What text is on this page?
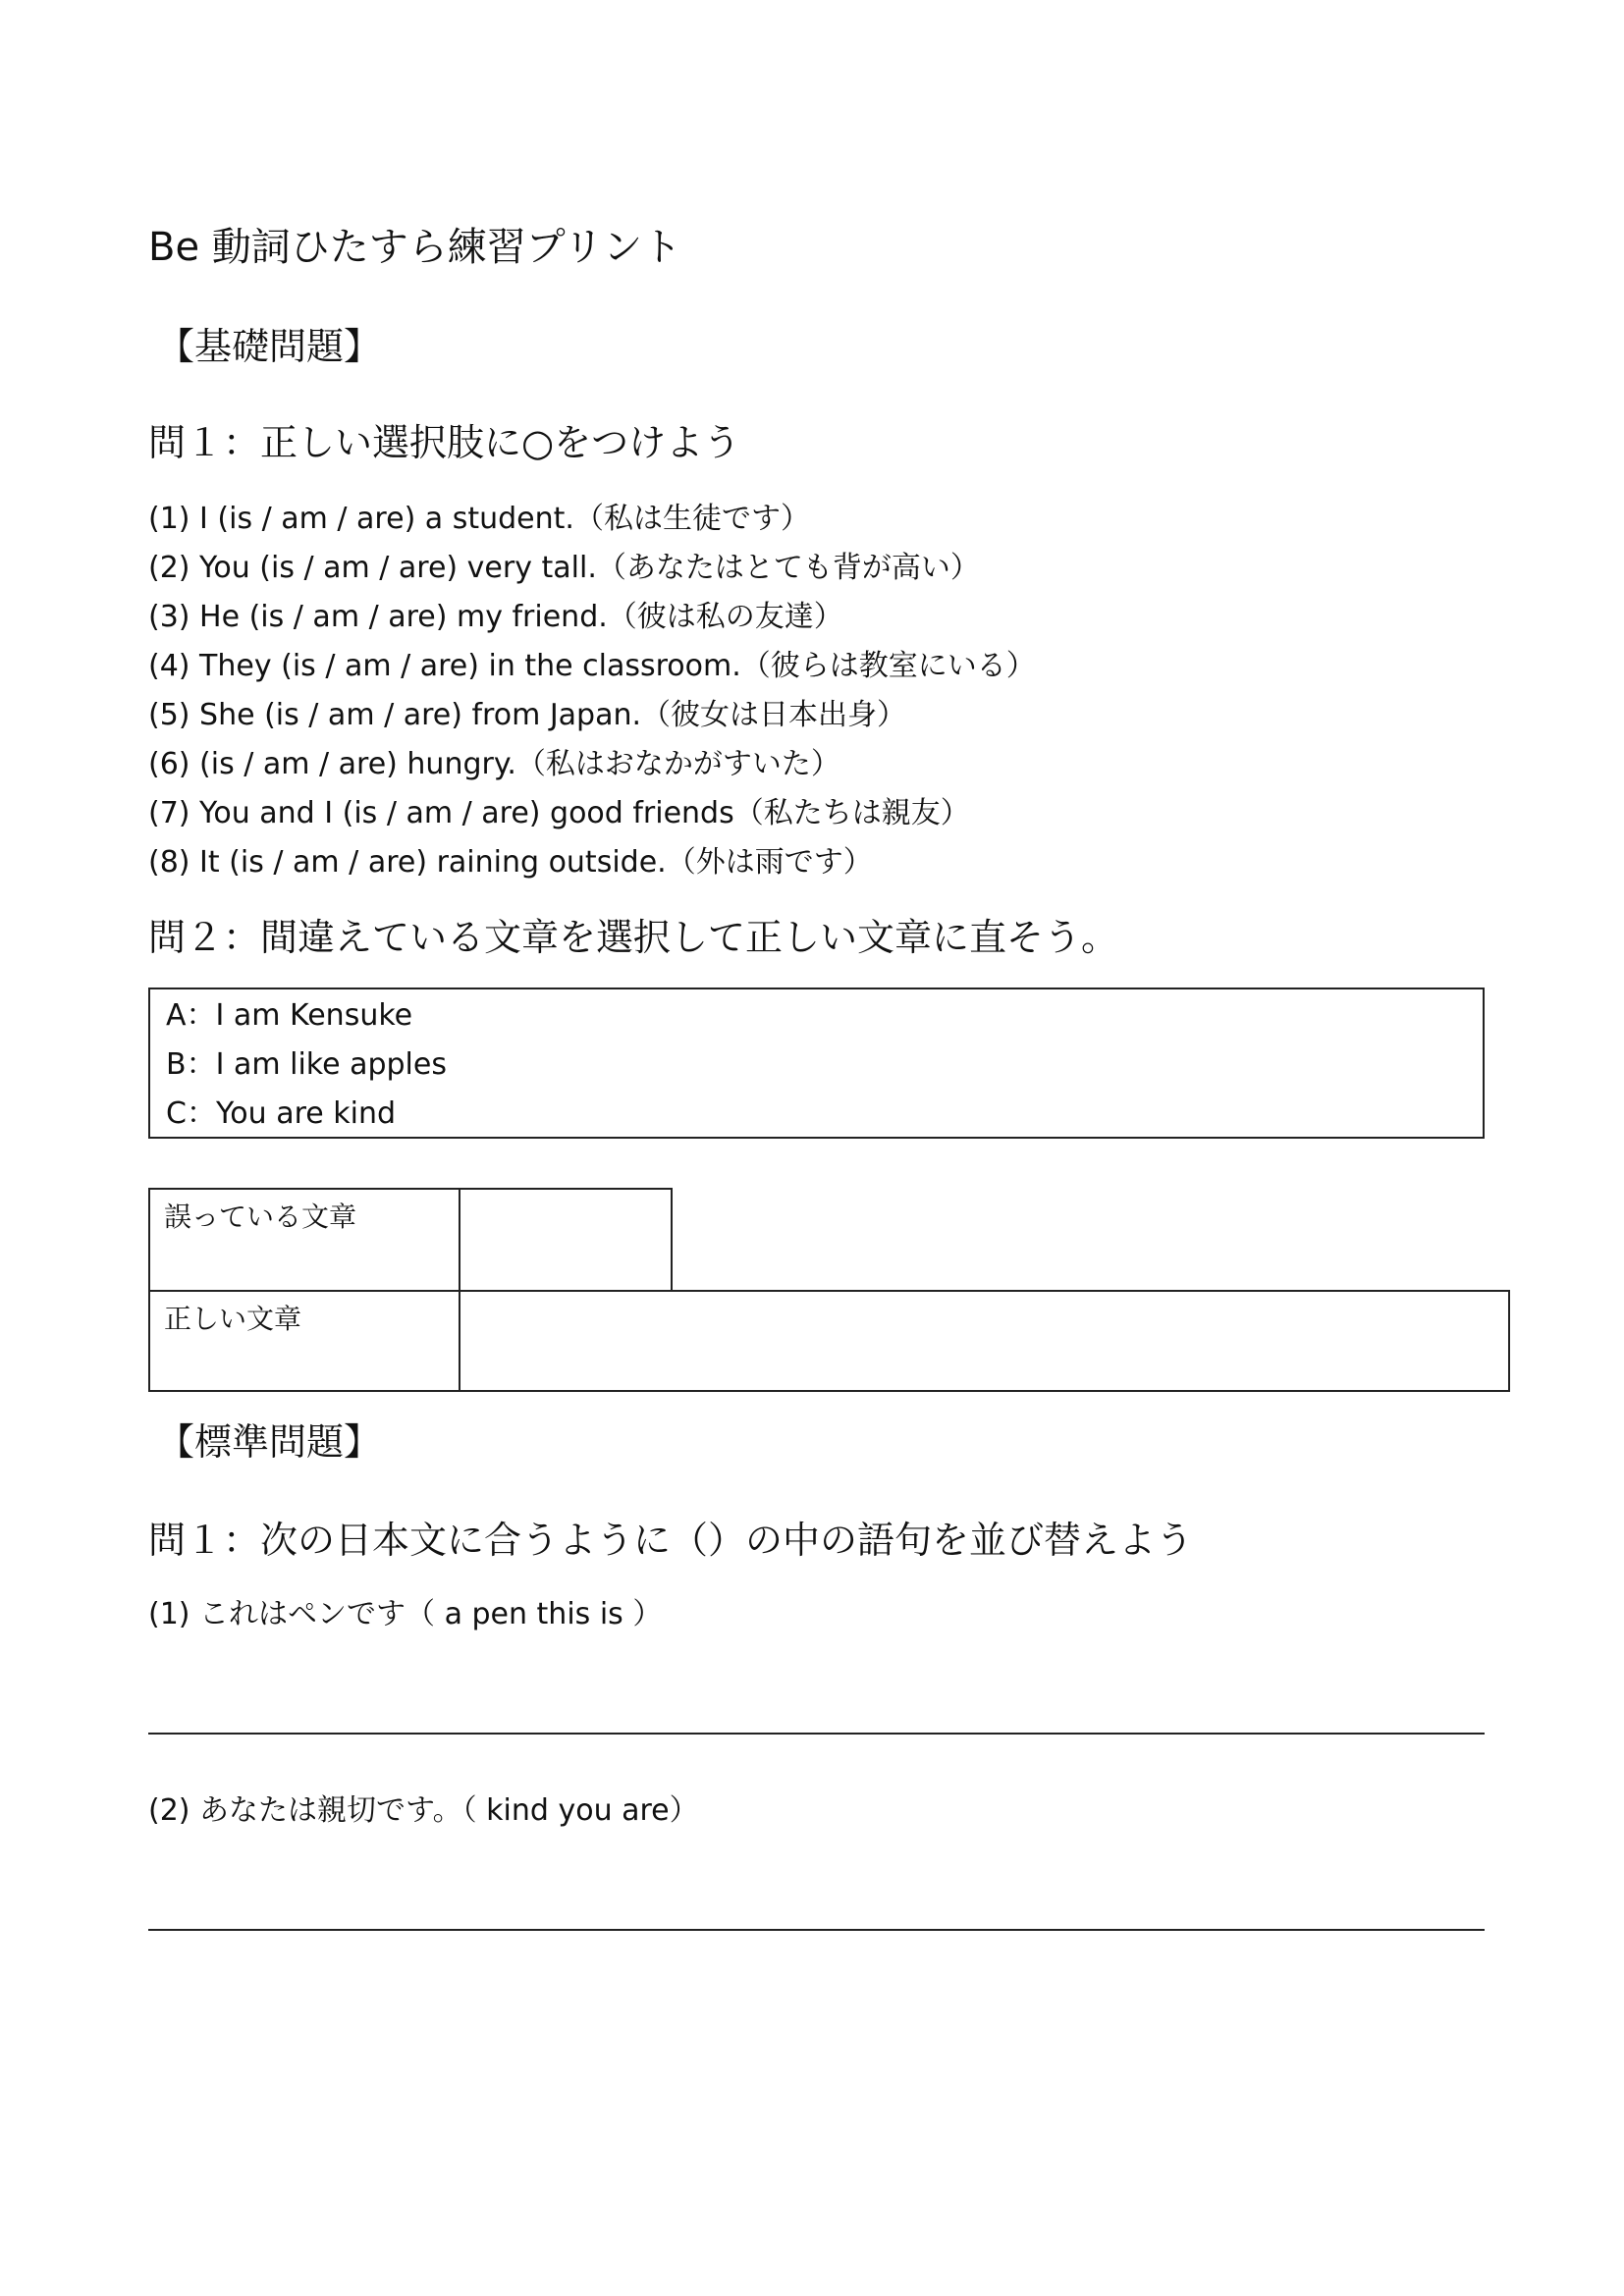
Be 動詞ひたすら練習プリント
【基礎問題】
問１：正しい選択肢に○をつけよう
(1) I (is / am / are) a student.（私は生徒です）
(2) You (is / am / are) very tall.（あなたはとても背が高い）
(3) He (is / am / are) my friend.（彼は私の友達）
(4) They (is / am / are) in the classroom.（彼らは教室にいる）
(5) She (is / am / are) from Japan.（彼女は日本出身）
(6) (is / am / are) hungry.（私はおなかがすいた）
(7) You and I (is / am / are) good friends（私たちは親友）
(8) It (is / am / are) raining outside.（外は雨です）
問２：間違えている文章を選択して正しい文章に直そう。
A：I am Kensuke
B：I am like apples
C：You are kind
誤っている文章
正しい文章
【標準問題】
問１：次の日本文に合うように（）の中の語句を並び替えよう
(1) これはペンです（ a pen this is ）
(2) あなたは親切です。（ kind you are）
